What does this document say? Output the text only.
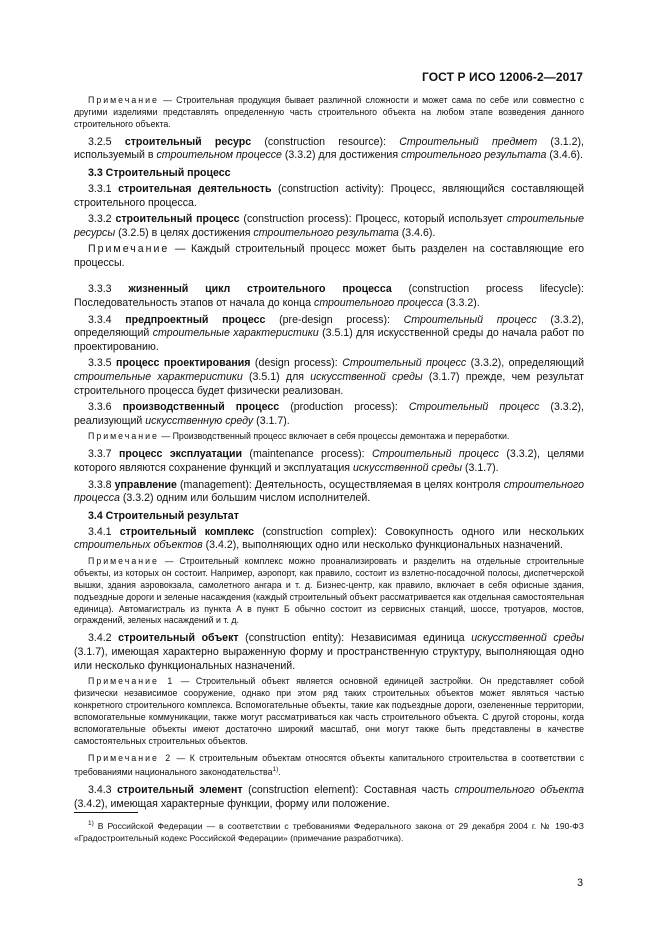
ГОСТ Р ИСО 12006-2—2017

Примечание — Строительная продукция бывает различной сложности и может сама по себе или совместно с другими изделиями представлять определенную часть строительного объекта на любом этапе возведения данного строительного объекта.

3.2.5 строительный ресурс (construction resource): Строительный предмет (3.1.2), используемый в строительном процессе (3.3.2) для достижения строительного результата (3.4.6).

3.3 Строительный процесс

3.3.1 строительная деятельность (construction activity): Процесс, являющийся составляющей строительного процесса.

3.3.2 строительный процесс (construction process): Процесс, который использует строительные ресурсы (3.2.5) в целях достижения строительного результата (3.4.6).

Примечание — Каждый строительный процесс может быть разделен на составляющие его процессы.

3.3.3 жизненный цикл строительного процесса (construction process lifecycle): Последовательность этапов от начала до конца строительного процесса (3.3.2).

3.3.4 предпроектный процесс (pre-design process): Строительный процесс (3.3.2), определяющий строительные характеристики (3.5.1) для искусственной среды до начала работ по проектированию.

3.3.5 процесс проектирования (design process): Строительный процесс (3.3.2), определяющий строительные характеристики (3.5.1) для искусственной среды (3.1.7) прежде, чем результат строительного процесса будет физически реализован.

3.3.6 производственный процесс (production process): Строительный процесс (3.3.2), реализующий искусственную среду (3.1.7).

Примечание — Производственный процесс включает в себя процессы демонтажа и переработки.

3.3.7 процесс эксплуатации (maintenance process): Строительный процесс (3.3.2), целями которого являются сохранение функций и эксплуатация искусственной среды (3.1.7).

3.3.8 управление (management): Деятельность, осуществляемая в целях контроля строительного процесса (3.3.2) одним или большим числом исполнителей.

3.4 Строительный результат

3.4.1 строительный комплекс (construction complex): Совокупность одного или нескольких строительных объектов (3.4.2), выполняющих одно или несколько функциональных назначений.

Примечание — Строительный комплекс можно проанализировать и разделить на отдельные строительные объекты, из которых он состоит. Например, аэропорт, как правило, состоит из взлетно-посадочной полосы, диспетчерской вышки, здания аэровокзала, самолетного ангара и т. д. Бизнес-центр, как правило, включает в себя офисные здания, подъездные дороги и зеленые насаждения (каждый строительный объект рассматривается как отдельная самостоятельная единица). Автомагистраль из пункта А в пункт Б обычно состоит из сервисных станций, шоссе, тротуаров, мостов, ограждений, зеленых насаждений и т. д.

3.4.2 строительный объект (construction entity): Независимая единица искусственной среды (3.1.7), имеющая характерно выраженную форму и пространственную структуру, выполняющая одно или несколько функциональных назначений.

Примечание 1 — Строительный объект является основной единицей застройки. Он представляет собой физически независимое сооружение, однако при этом ряд таких строительных объектов может являться частью конкретного строительного комплекса. Вспомогательные объекты, такие как подъездные дороги, озелененные территории, вспомогательные коммуникации, также могут рассматриваться как часть строительного объекта. С другой стороны, когда вспомогательные объекты имеют достаточно широкий масштаб, они могут также быть представлены в качестве самостоятельных строительных объектов.

Примечание 2 — К строительным объектам относятся объекты капитального строительства в соответствии с требованиями национального законодательства$^{1)}$.

3.4.3 строительный элемент (construction element): Составная часть строительного объекта (3.4.2), имеющая характерные функции, форму или положение.

$^{1)}$ В Российской Федерации — в соответствии с требованиями Федерального закона от 29 декабря 2004 г. № 190-ФЗ «Градостроительный кодекс Российской Федерации» (примечание разработчика).
3
